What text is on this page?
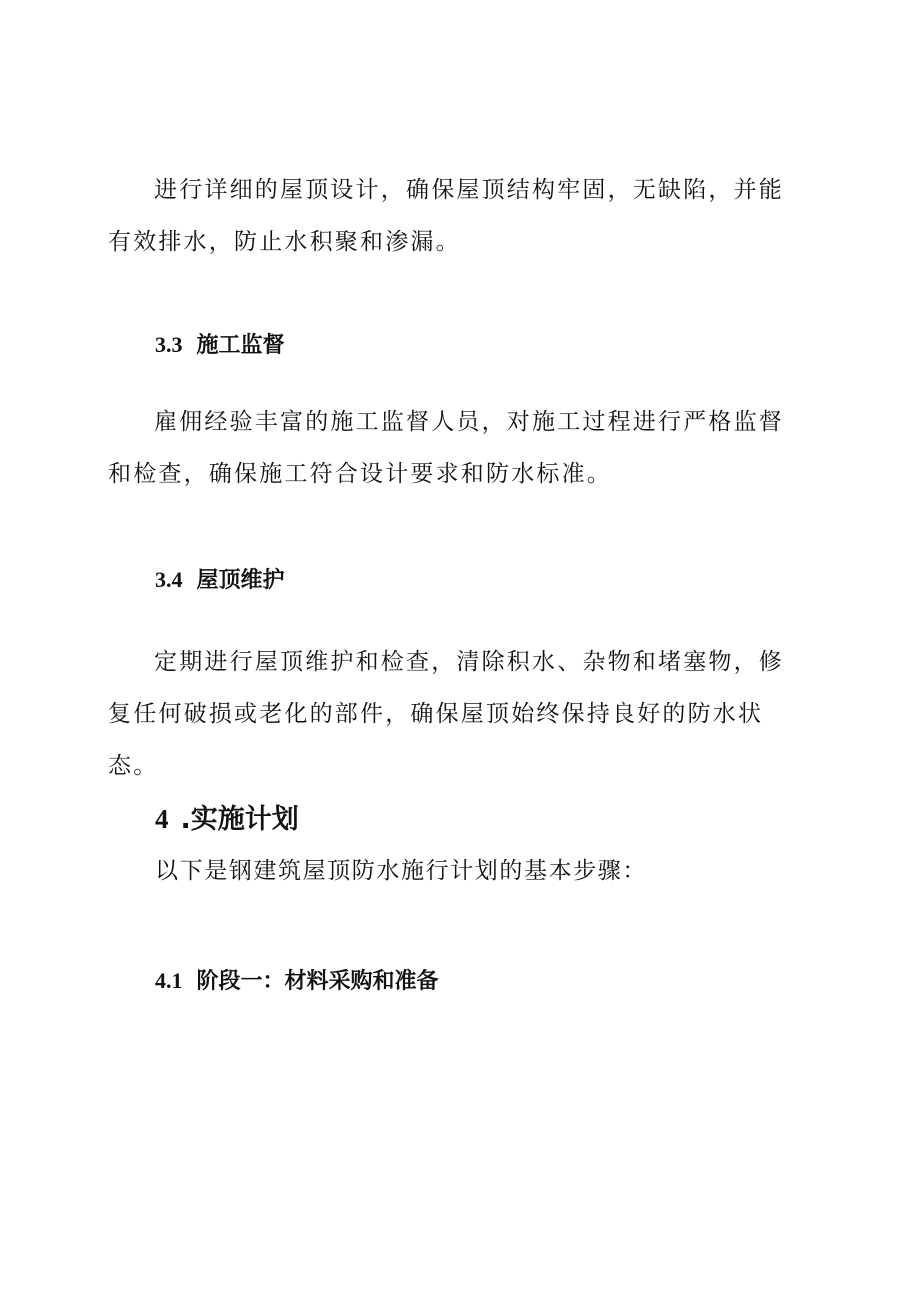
进行详细的屋顶设计，确保屋顶结构牢固，无缺陷，并能有效排水，防止水积聚和渗漏。

3.3 施工监督

雇佣经验丰富的施工监督人员，对施工过程进行严格监督和检查，确保施工符合设计要求和防水标准。

3.4 屋顶维护

定期进行屋顶维护和检查，清除积水、杂物和堵塞物，修复任何破损或老化的部件，确保屋顶始终保持良好的防水状态。

4 .实施计划

以下是钢建筑屋顶防水施行计划的基本步骤：

4.1 阶段一：材料采购和准备
